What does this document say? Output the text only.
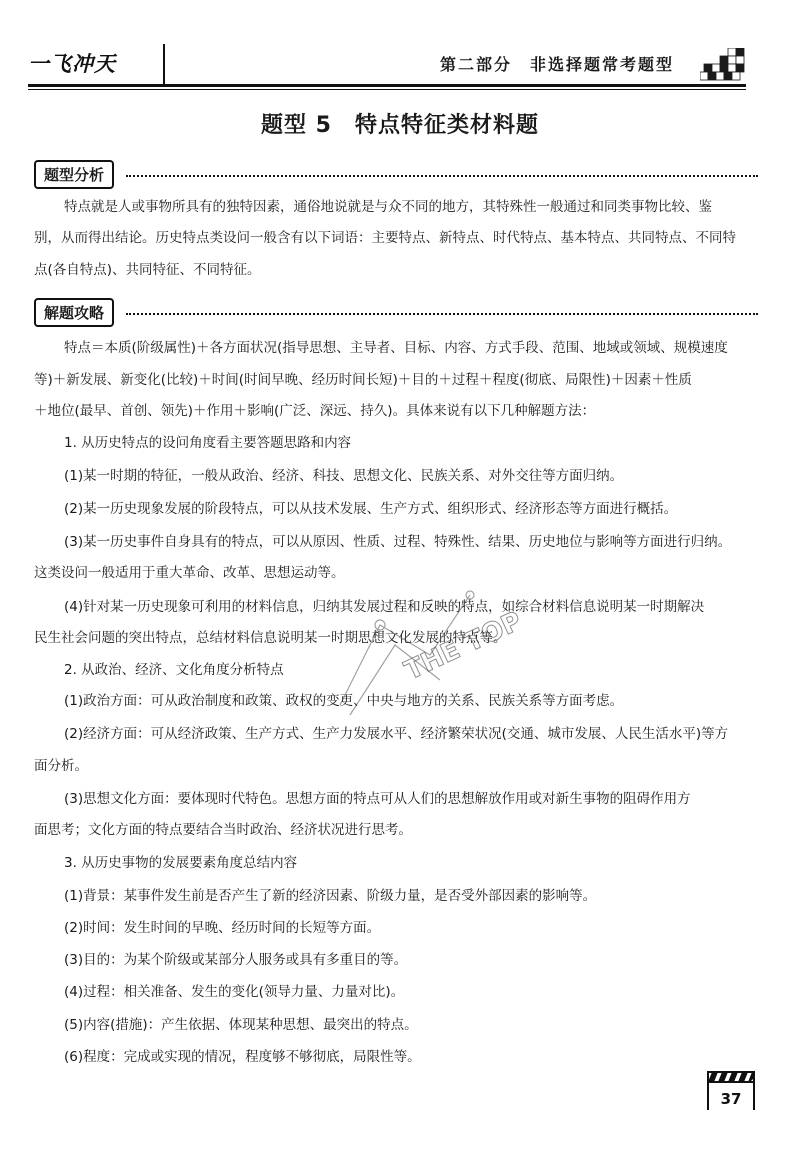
一飞冲天	第二部分　非选择题常考题型
题型 5　特点特征类材料题
题型分析
特点就是人或事物所具有的独特因素，通俗地说就是与众不同的地方，其特殊性一般通过和同类事物比较、鉴
别，从而得出结论。历史特点类设问一般含有以下词语：主要特点、新特点、时代特点、基本特点、共同特点、不同特
点(各自特点)、共同特征、不同特征。
解题攻略
特点＝本质(阶级属性)＋各方面状况(指导思想、主导者、目标、内容、方式手段、范围、地域或领域、规模速度
等)＋新发展、新变化(比较)＋时间(时间早晚、经历时间长短)＋目的＋过程＋程度(彻底、局限性)＋因素＋性质
＋地位(最早、首创、领先)＋作用＋影响(广泛、深远、持久)。具体来说有以下几种解题方法：
1. 从历史特点的设问角度看主要答题思路和内容
(1)某一时期的特征，一般从政治、经济、科技、思想文化、民族关系、对外交往等方面归纳。
(2)某一历史现象发展的阶段特点，可以从技术发展、生产方式、组织形式、经济形态等方面进行概括。
(3)某一历史事件自身具有的特点，可以从原因、性质、过程、特殊性、结果、历史地位与影响等方面进行归纳。
这类设问一般适用于重大革命、改革、思想运动等。
(4)针对某一历史现象可利用的材料信息，归纳其发展过程和反映的特点，如综合材料信息说明某一时期解决
民生社会问题的突出特点，总结材料信息说明某一时期思想文化发展的特点等。
2. 从政治、经济、文化角度分析特点
(1)政治方面：可从政治制度和政策、政权的变更、中央与地方的关系、民族关系等方面考虑。
(2)经济方面：可从经济政策、生产方式、生产力发展水平、经济繁荣状况(交通、城市发展、人民生活水平)等方
面分析。
(3)思想文化方面：要体现时代特色。思想方面的特点可从人们的思想解放作用或对新生事物的阻碍作用方
面思考；文化方面的特点要结合当时政治、经济状况进行思考。
3. 从历史事物的发展要素角度总结内容
(1)背景：某事件发生前是否产生了新的经济因素、阶级力量，是否受外部因素的影响等。
(2)时间：发生时间的早晚、经历时间的长短等方面。
(3)目的：为某个阶级或某部分人服务或具有多重目的等。
(4)过程：相关准备、发生的变化(领导力量、力量对比)。
(5)内容(措施)：产生依据、体现某种思想、最突出的特点。
(6)程度：完成或实现的情况，程度够不够彻底，局限性等。
THE TOP
37
